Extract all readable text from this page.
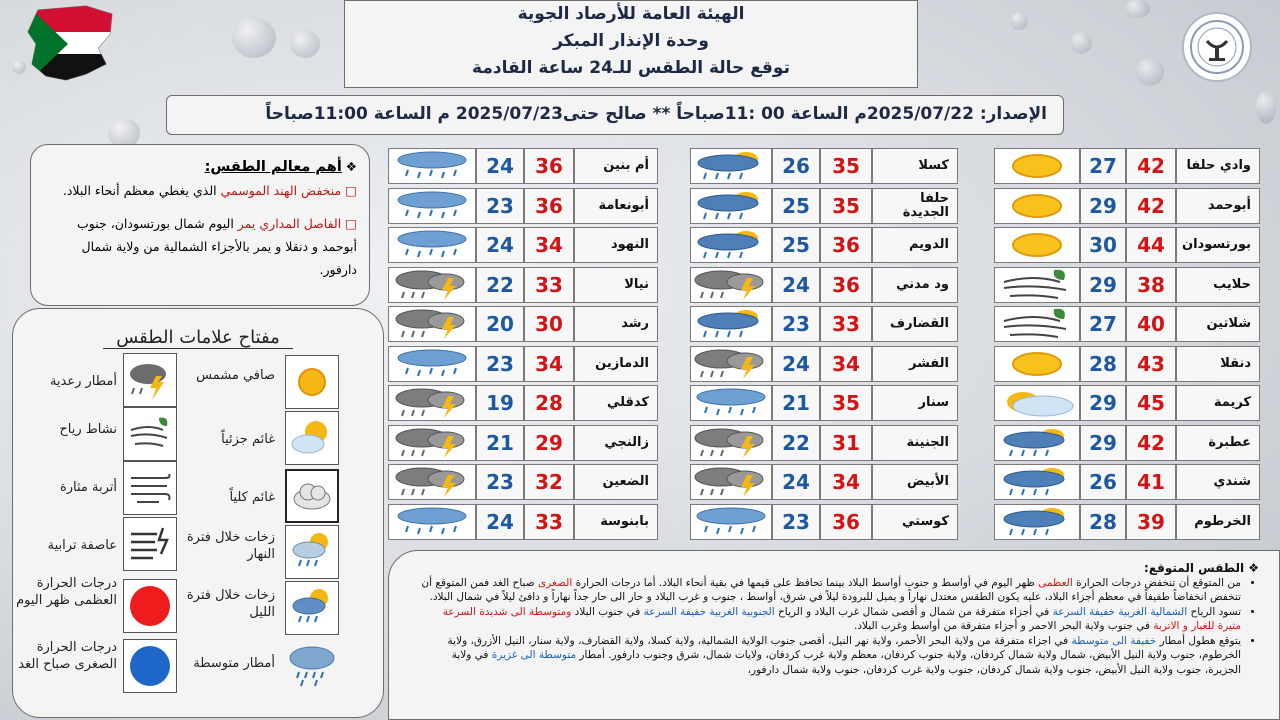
الهيئة العامة للأرصاد الجوية
وحدة الإنذار المبكر
توقع حالة الطقس للـ24 ساعة القادمة
الإصدار: 2025/07/22م الساعة 00 :11صباحاً ** صالح حتى2025/07/23 م الساعة 11:00صباحاً
❖ أهم معالم الطقس:
□ منخفض الهند الموسمي الذي يغطي معظم أنحاء البلاد.
□ الفاصل المداري يمر اليوم شمال بورتسودان، جنوب أبوحمد و دنقلا و يمر بالأجزاء الشمالية من ولاية شمال دارفور.
مفتاح علامات الطقس
صافي مشمس
غائم جزئياً
غائم كلياً
زخات خلال فترة النهار
زخات خلال فترة الليل
أمطار متوسطة
أمطار رعدية
نشاط رياح
أتربة مثارة
عاصفة ترابية
درجات الحرارة العظمى ظهر اليوم
درجات الحرارة الصغرى صباح الغد
أم بنين
36
24
أبونعامة
36
23
النهود
34
24
نيالا
33
22
رشد
30
20
الدمازين
34
23
كدقلي
28
19
زالنجي
29
21
الضعين
32
23
بابنوسة
33
24
كسلا
35
26
حلفا الجديدة
35
25
الدويم
36
25
ود مدني
36
24
القضارف
33
23
الفشر
34
24
سنار
35
21
الجنينة
31
22
الأبيض
34
24
كوستي
36
23
وادي حلفا
42
27
أبوحمد
42
29
بورتسودان
44
30
حلايب
38
29
شلاتين
40
27
دنقلا
43
28
كريمة
45
29
عطبرة
42
29
شندي
41
26
الخرطوم
39
28
❖ الطقس المتوقع:
• من المتوقع أن تنخفض درجات الحرارة العظمى ظهر اليوم في أواسط و جنوب أواسط البلاد بينما تحافظ على قيمها في بقية أنحاء البلاد. أما درجات الحرارة الصغرى صباح الغد فمن المتوقع أن تنخفض انخفاضاً طفيفاً في معظم أجزاء البلاد، عليه يكون الطقس معتدل نهاراً و يميل للبرودة ليلاً في شرق، أواسط ، جنوب و غرب البلاد و حار الى حار جداً نهاراً و دافئ ليلاً في شمال البلاد.
• تسود الرياح الشمالية الغربية خفيفة السرعة في أجزاء متفرقة من شمال و أقصى شمال غرب البلاد و الرياح الجنوبية الغربية خفيفة السرعة في جنوب البلاد ومتوسطة الى شديدة السرعة مثيرة للغبار و الاتربة في جنوب ولاية البحر الاحمر و أجزاء متفرقة من أواسط وغرب البلاد.
• يتوقع هطول أمطار خفيفة الى متوسطة في اجزاء متفرقة من ولاية البحر الأحمر، ولاية نهر النيل، أقصى جنوب الولاية الشمالية، ولاية كسلا، ولاية القضارف، ولاية سنار، النيل الأزرق، ولاية الخرطوم، جنوب ولاية النيل الأبيض، شمال ولاية شمال كردفان، ولاية جنوب كردفان، معظم ولاية غرب كردفان، ولايات شمال، شرق وجنوب دارفور. أمطار متوسطة الى غزيرة في ولاية الجزيرة، جنوب ولاية النيل الأبيض، جنوب ولاية شمال كردفان، جنوب ولاية غرب كردفان، جنوب ولاية شمال دارفور،
